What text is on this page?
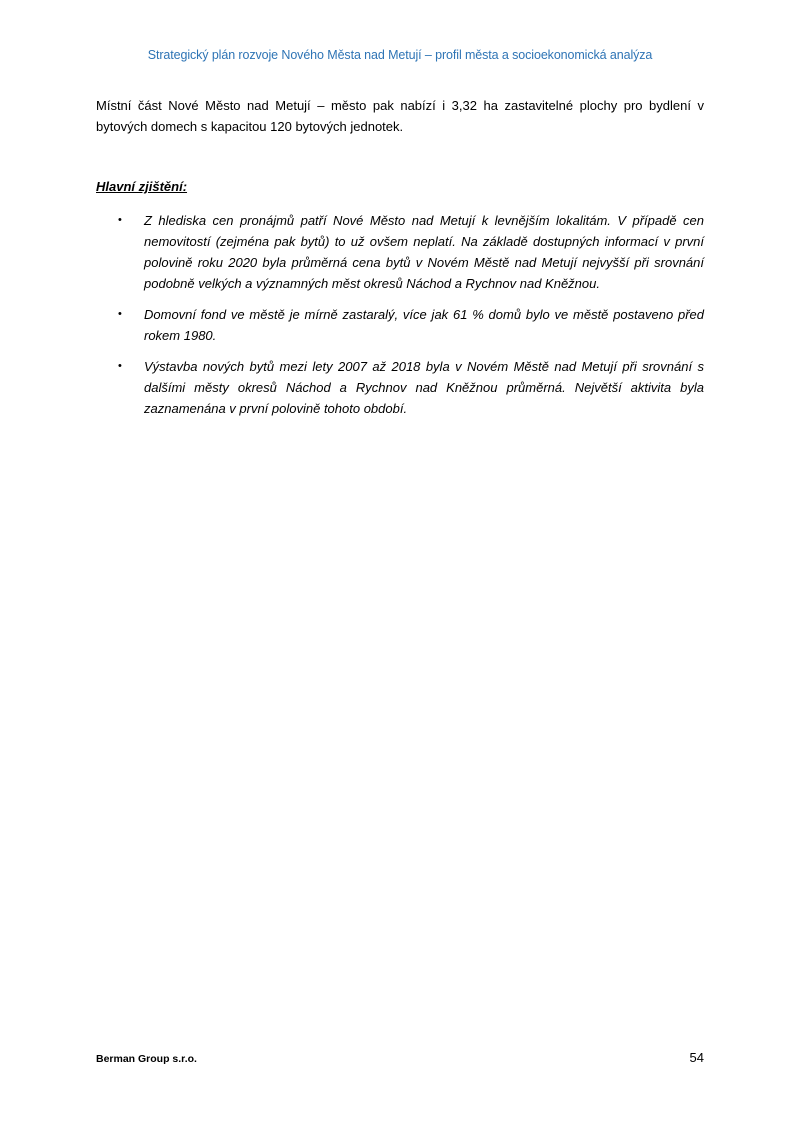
Strategický plán rozvoje Nového Města nad Metují – profil města a socioekonomická analýza

Místní část Nové Město nad Metují – město pak nabízí i 3,32 ha zastavitelné plochy pro bydlení v bytových domech s kapacitou 120 bytových jednotek.

Hlavní zjištění:
• Z hlediska cen pronájmů patří Nové Město nad Metují k levnějším lokalitám. V případě cen nemovitostí (zejména pak bytů) to už ovšem neplatí. Na základě dostupných informací v první polovině roku 2020 byla průměrná cena bytů v Novém Městě nad Metují nejvyšší při srovnání podobně velkých a významných měst okresů Náchod a Rychnov nad Kněžnou.
• Domovní fond ve městě je mírně zastaralý, více jak 61 % domů bylo ve městě postaveno před rokem 1980.
• Výstavba nových bytů mezi lety 2007 až 2018 byla v Novém Městě nad Metují při srovnání s dalšími městy okresů Náchod a Rychnov nad Kněžnou průměrná. Největší aktivita byla zaznamenána v první polovině tohoto období.
Berman Group s.r.o.	54
